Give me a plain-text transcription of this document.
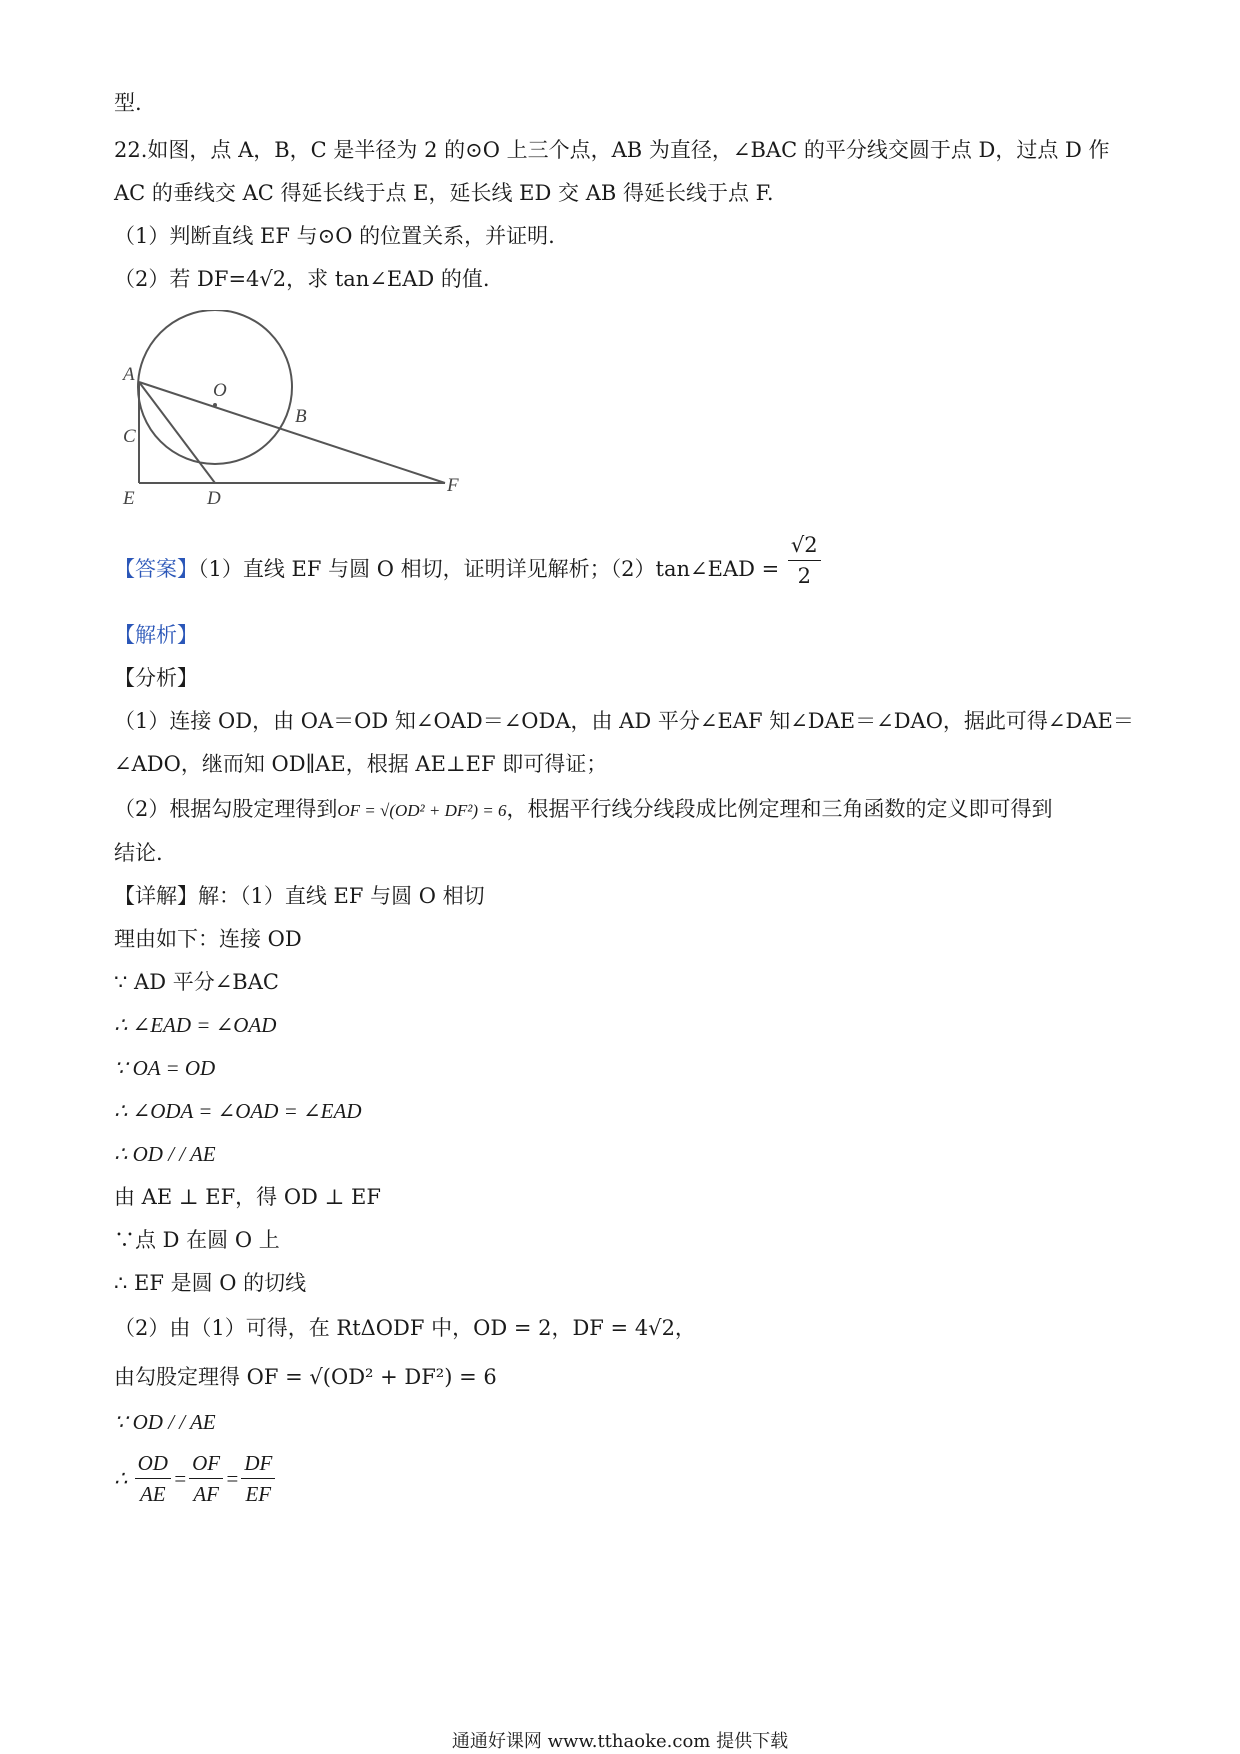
型.
22.如图，点 A，B，C 是半径为 2 的⊙O 上三个点，AB 为直径，∠BAC 的平分线交圆于点 D，过点 D 作
AC 的垂线交 AC 得延长线于点 E，延长线 ED 交 AB 得延长线于点 F.
（1）判断直线 EF 与⊙O 的位置关系，并证明.
（2）若 DF=4√2，求 tan∠EAD 的值.
A
O
B
C
E	D
F
【答案】（1）直线 EF 与圆 O 相切，证明详见解析；（2）tan∠EAD = $\frac{√2}{2}$
【解析】
【分析】
（1）连接 OD，由 OA＝OD 知∠OAD＝∠ODA，由 AD 平分∠EAF 知∠DAE＝∠DAO，据此可得∠DAE＝
∠ADO，继而知 OD∥AE，根据 AE⊥EF 即可得证；
（2）根据勾股定理得到OF = √(OD² + DF²) = 6，根据平行线分线段成比例定理和三角函数的定义即可得到
结论.
【详解】解：（1）直线 EF 与圆 O 相切
理由如下：连接 OD
∵ AD 平分∠BAC
∴ ∠EAD = ∠OAD
∵ OA = OD
∴ ∠ODA = ∠OAD = ∠EAD
∴ OD / / AE
由 AE ⊥ EF，得 OD ⊥ EF
∵点 D 在圆 O 上
∴ EF 是圆 O 的切线
（2）由（1）可得，在 RtΔODF 中，OD = 2，DF = 4√2，
由勾股定理得 OF = √(OD² + DF²) = 6
∵ OD / / AE
∴ $\frac{OD}{AE} = \frac{OF}{AF} = \frac{DF}{EF}$
通通好课网 www.tthaoke.com 提供下载
